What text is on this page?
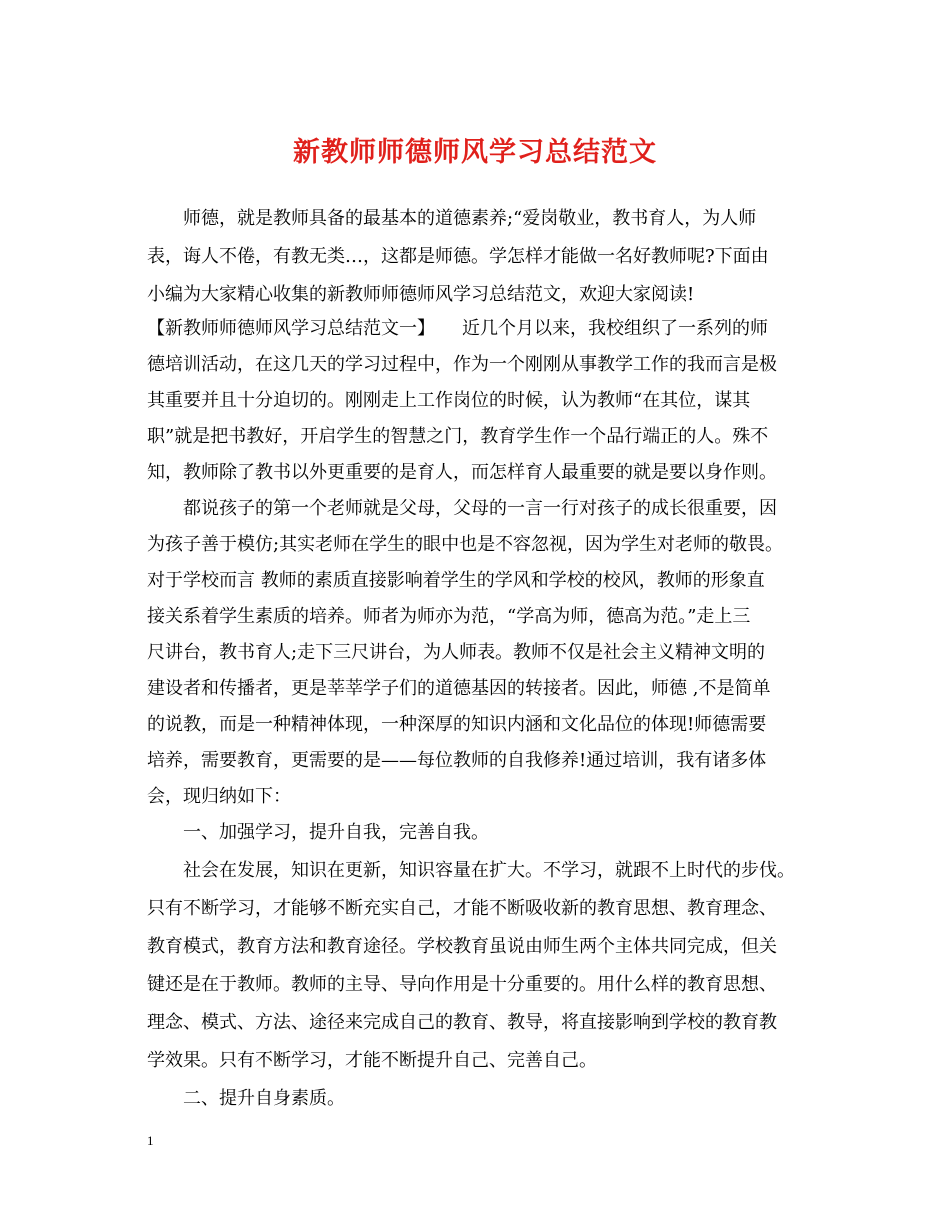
新教师师德师风学习总结范文
　　师德，就是教师具备的最基本的道德素养;“爱岗敬业，教书育人，为人师
表，诲人不倦，有教无类…，这都是师德。学怎样才能做一名好教师呢?下面由
小编为大家精心收集的新教师师德师风学习总结范文，欢迎大家阅读!
【新教师师德师风学习总结范文一】　　近几个月以来，我校组织了一系列的师
德培训活动，在这几天的学习过程中，作为一个刚刚从事教学工作的我而言是极
其重要并且十分迫切的。刚刚走上工作岗位的时候，认为教师“在其位，谋其
职”就是把书教好，开启学生的智慧之门，教育学生作一个品行端正的人。殊不
知，教师除了教书以外更重要的是育人，而怎样育人最重要的就是要以身作则。
　　都说孩子的第一个老师就是父母，父母的一言一行对孩子的成长很重要，因
为孩子善于模仿;其实老师在学生的眼中也是不容忽视，因为学生对老师的敬畏。
对于学校而言 教师的素质直接影响着学生的学风和学校的校风，教师的形象直
接关系着学生素质的培养。师者为师亦为范，“学高为师，德高为范。”走上三
尺讲台，教书育人;走下三尺讲台，为人师表。教师不仅是社会主义精神文明的
建设者和传播者，更是莘莘学子们的道德基因的转接者。因此，师德 ,不是简单
的说教，而是一种精神体现，一种深厚的知识内涵和文化品位的体现!师德需要
培养，需要教育，更需要的是——每位教师的自我修养!通过培训，我有诸多体
会，现归纳如下：
　　一、加强学习，提升自我，完善自我。
　　社会在发展，知识在更新，知识容量在扩大。不学习，就跟不上时代的步伐。
只有不断学习，才能够不断充实自己，才能不断吸收新的教育思想、教育理念、
教育模式，教育方法和教育途径。学校教育虽说由师生两个主体共同完成，但关
键还是在于教师。教师的主导、导向作用是十分重要的。用什么样的教育思想、
理念、模式、方法、途径来完成自己的教育、教导，将直接影响到学校的教育教
学效果。只有不断学习，才能不断提升自己、完善自己。
　　二、提升自身素质。
1
